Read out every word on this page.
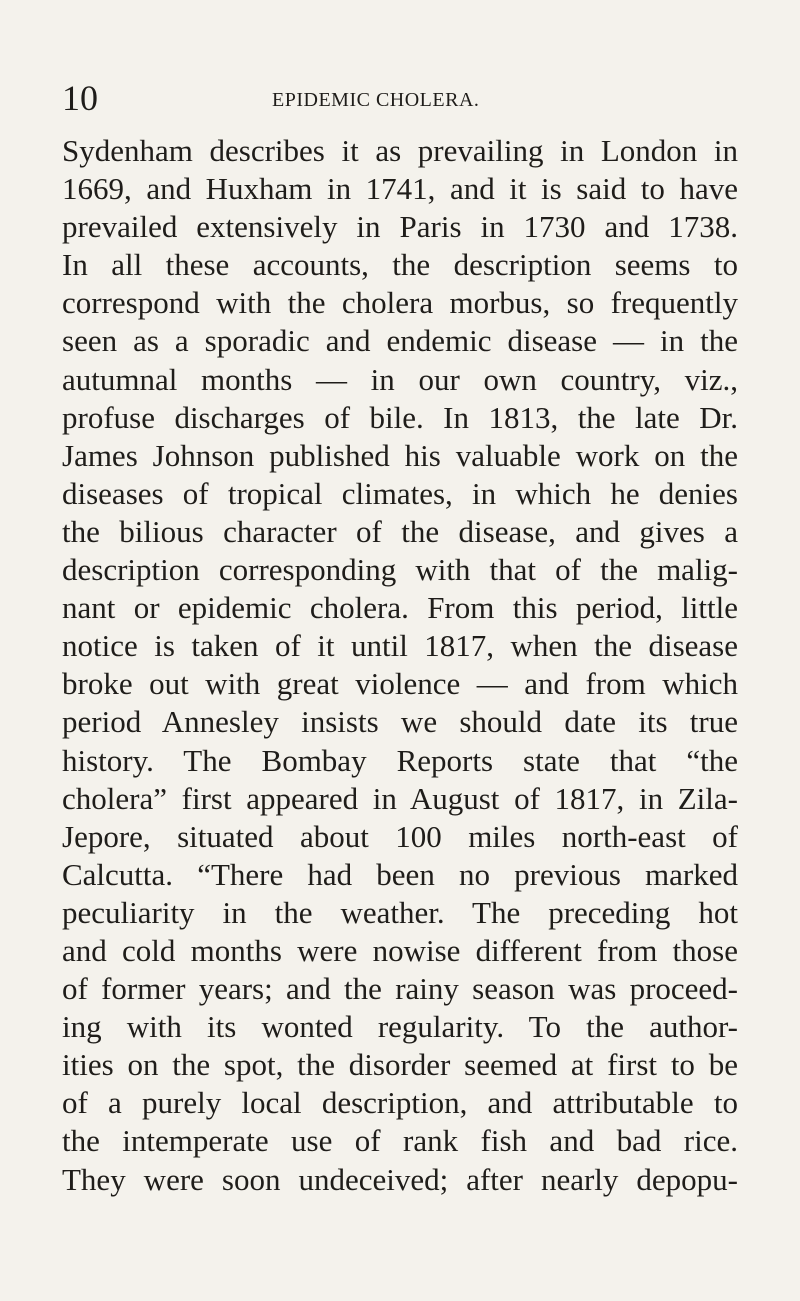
10	EPIDEMIC CHOLERA.
Sydenham describes it as prevailing in London in
1669, and Huxham in 1741, and it is said to have
prevailed extensively in Paris in 1730 and 1738.
In all these accounts, the description seems to
correspond with the cholera morbus, so frequently
seen as a sporadic and endemic disease — in the
autumnal months — in our own country, viz.,
profuse discharges of bile. In 1813, the late Dr.
James Johnson published his valuable work on the
diseases of tropical climates, in which he denies
the bilious character of the disease, and gives a
description corresponding with that of the malig-
nant or epidemic cholera. From this period, little
notice is taken of it until 1817, when the disease
broke out with great violence — and from which
period Annesley insists we should date its true
history. The Bombay Reports state that “the
cholera” first appeared in August of 1817, in Zila-
Jepore, situated about 100 miles north-east of
Calcutta. “There had been no previous marked
peculiarity in the weather. The preceding hot
and cold months were nowise different from those
of former years; and the rainy season was proceed-
ing with its wonted regularity. To the author-
ities on the spot, the disorder seemed at first to be
of a purely local description, and attributable to
the intemperate use of rank fish and bad rice.
They were soon undeceived; after nearly depopu-
